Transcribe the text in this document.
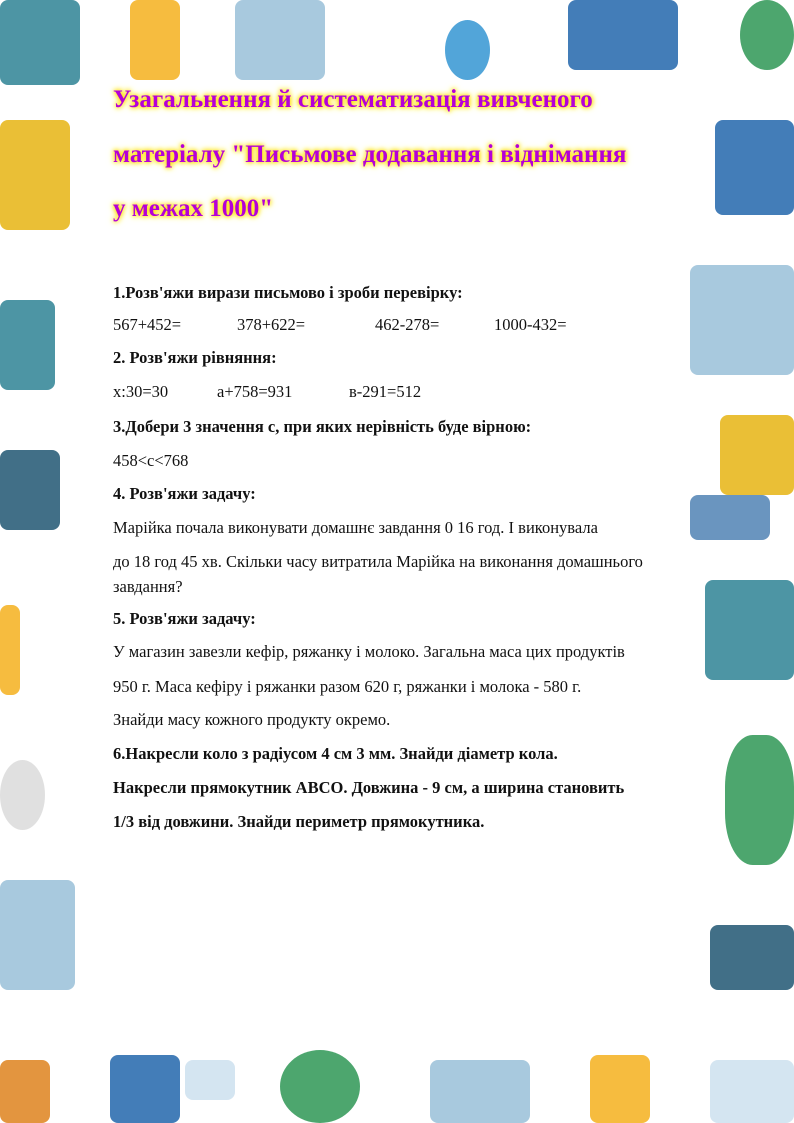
Узагальнення й систематизація вивченого
матеріалу "Письмове додавання і віднімання
у межах 1000"
1.Розв'яжи вирази письмово і зроби перевірку:
567+452=	378+622=	462-278=	1000-432=
2. Розв'яжи рівняння:
х:30=30	а+758=931	в-291=512
3.Добери 3 значення с, при яких нерівність буде вірною:
458<с<768
4. Розв'яжи задачу:
Марійка почала виконувати домашнє завдання 0 16 год. І виконувала
до 18 год 45 хв. Скільки часу витратила Марійка на виконання домашнього
завдання?
5. Розв'яжи задачу:
У магазин завезли кефір, ряжанку і молоко. Загальна маса цих продуктів
950 г. Маса кефіру і ряжанки разом 620 г, ряжанки і молока - 580 г.
Знайди масу кожного продукту окремо.
6.Накресли коло з радіусом 4 см 3 мм. Знайди діаметр кола.
Накресли прямокутник АВСО. Довжина - 9 см, а ширина становить
1/3 від довжини. Знайди периметр прямокутника.
